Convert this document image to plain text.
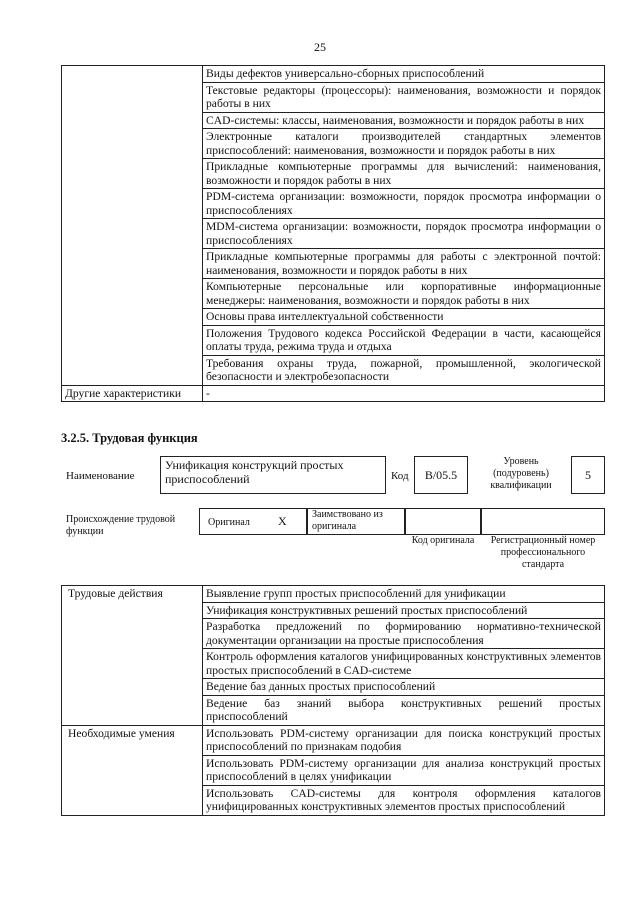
25
	Виды дефектов универсально-сборных приспособлений
	Текстовые редакторы (процессоры): наименования, возможности и порядок работы в них
	CAD-системы: классы, наименования, возможности и порядок работы в них
	Электронные каталоги производителей стандартных элементов приспособлений: наименования, возможности и порядок работы в них
	Прикладные компьютерные программы для вычислений: наименования, возможности и порядок работы в них
	PDM-система организации: возможности, порядок просмотра информации о приспособлениях
	MDM-система организации: возможности, порядок просмотра информации о приспособлениях
	Прикладные компьютерные программы для работы с электронной почтой: наименования, возможности и порядок работы в них
	Компьютерные персональные или корпоративные информационные менеджеры: наименования, возможности и порядок работы в них
	Основы права интеллектуальной собственности
	Положения Трудового кодекса Российской Федерации в части, касающейся оплаты труда, режима труда и отдыха
	Требования охраны труда, пожарной, промышленной, экологической безопасности и электробезопасности
Другие характеристики	-
3.2.5. Трудовая функция
Наименование
Унификация конструкций простых приспособлений	Код	B/05.5
Уровень (подуровень) квалификации
5
Происхождение трудовой функции
Оригинал X	Заимствовано из оригинала
Код оригинала	Регистрационный номер профессионального стандарта
Трудовые действия	Выявление групп простых приспособлений для унификации
	Унификация конструктивных решений простых приспособлений
	Разработка предложений по формированию нормативно-технической документации организации на простые приспособления
	Контроль оформления каталогов унифицированных конструктивных элементов простых приспособлений в CAD-системе
	Ведение баз данных простых приспособлений
	Ведение баз знаний выбора конструктивных решений простых приспособлений
Необходимые умения	Использовать PDM-систему организации для поиска конструкций простых приспособлений по признакам подобия
	Использовать PDM-систему организации для анализа конструкций простых приспособлений в целях унификации
	Использовать CAD-системы для контроля оформления каталогов унифицированных конструктивных элементов простых приспособлений
